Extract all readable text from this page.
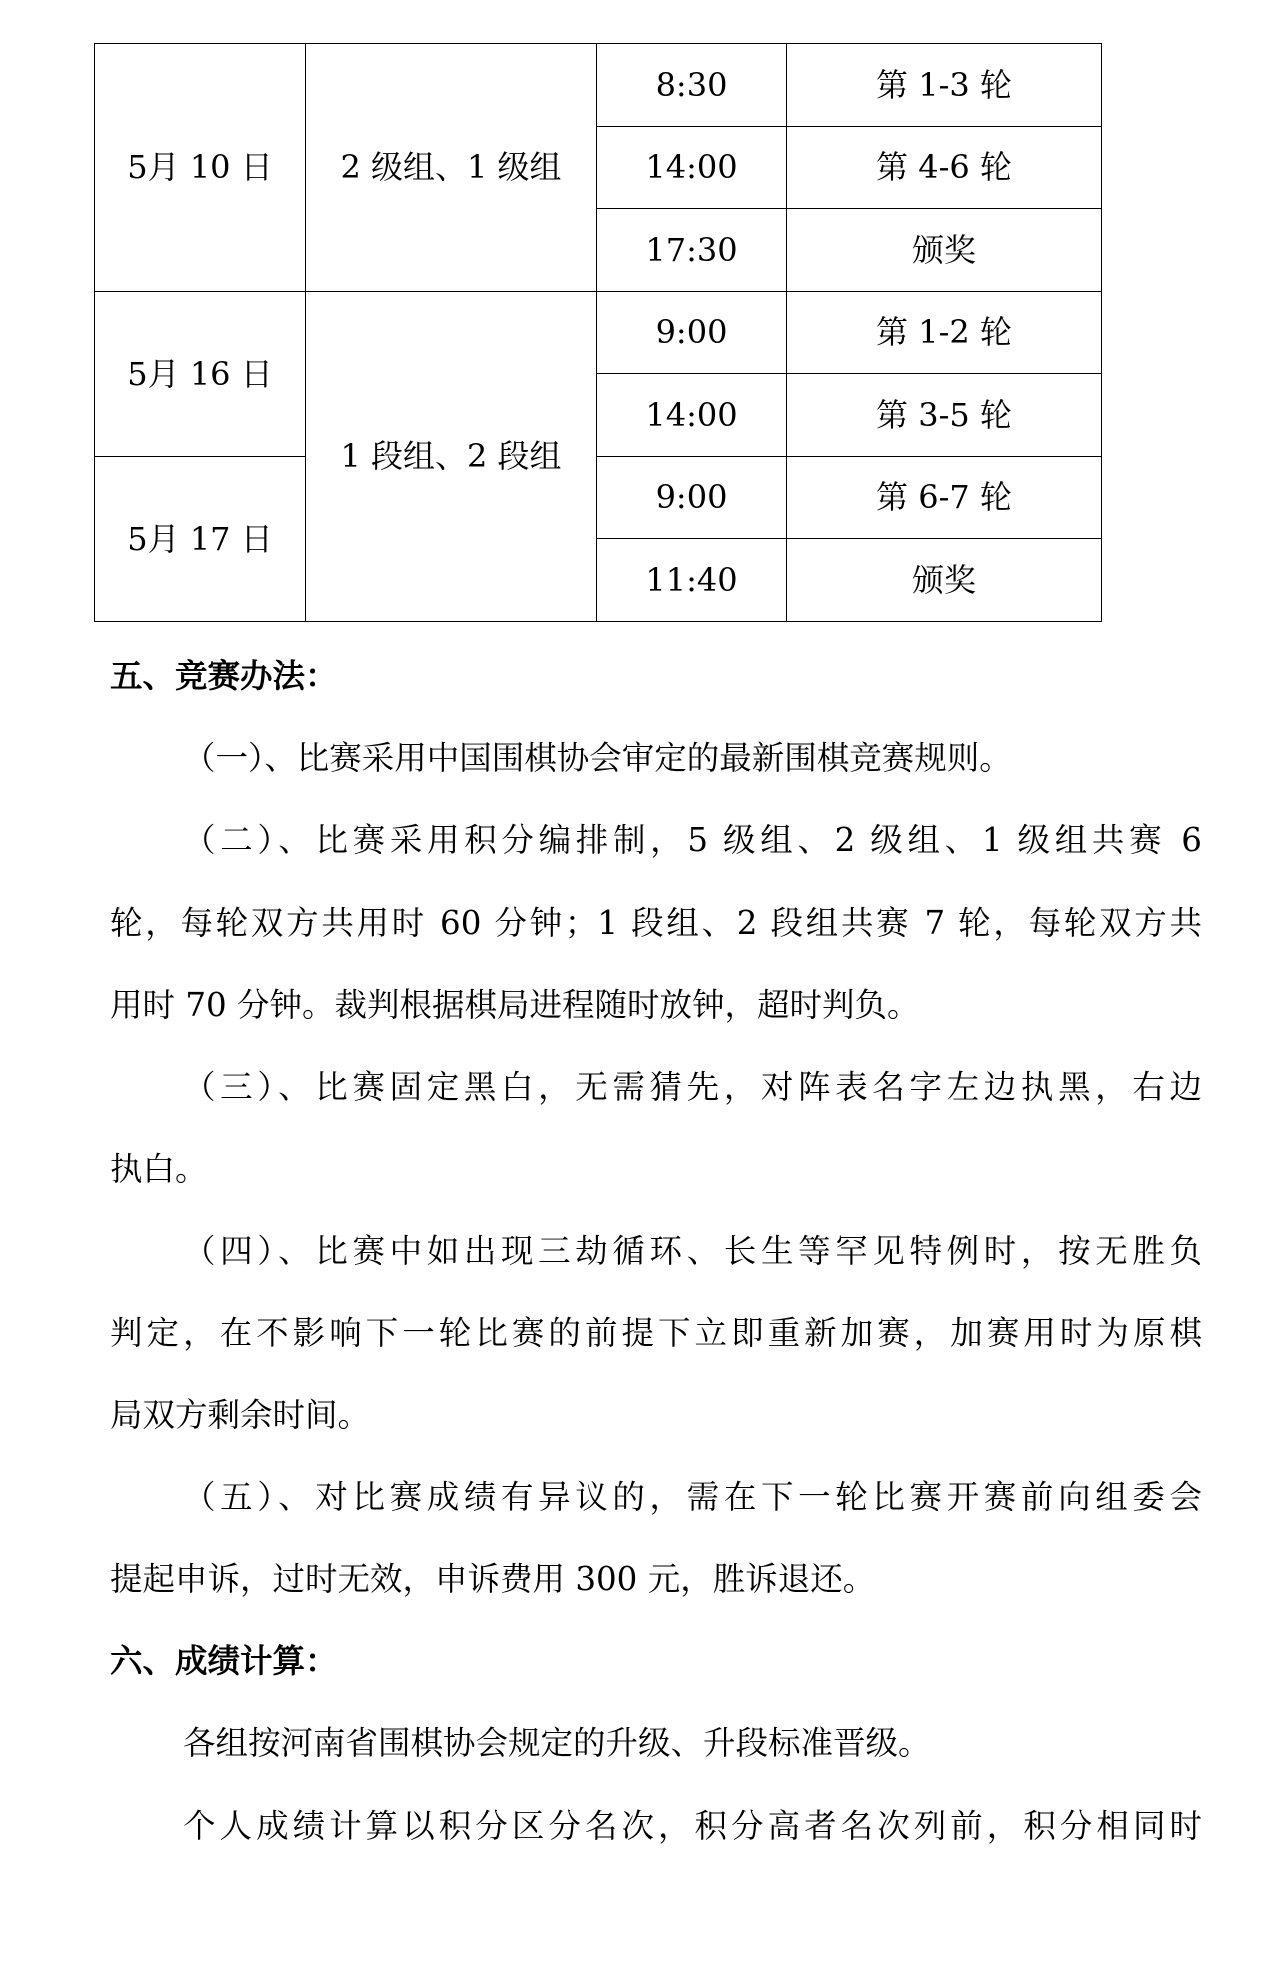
5月 10 日	2 级组、1 级组	8:30	第 1-3 轮
		14:00	第 4-6 轮
		17:30	颁奖
5月 16 日	1 段组、2 段组	9:00	第 1-2 轮
		14:00	第 3-5 轮
5月 17 日		9:00	第 6-7 轮
		11:40	颁奖

五、竞赛办法：

（一）、比赛采用中国围棋协会审定的最新围棋竞赛规则。

（二）、比赛采用积分编排制，5 级组、2 级组、1 级组共赛 6

轮，每轮双方共用时 60 分钟；1 段组、2 段组共赛 7 轮，每轮双方共

用时 70 分钟。裁判根据棋局进程随时放钟，超时判负。

（三）、比赛固定黑白，无需猜先，对阵表名字左边执黑，右边

执白。

（四）、比赛中如出现三劫循环、长生等罕见特例时，按无胜负

判定，在不影响下一轮比赛的前提下立即重新加赛，加赛用时为原棋

局双方剩余时间。

（五）、对比赛成绩有异议的，需在下一轮比赛开赛前向组委会

提起申诉，过时无效，申诉费用 300 元，胜诉退还。

六、成绩计算：

各组按河南省围棋协会规定的升级、升段标准晋级。

个人成绩计算以积分区分名次，积分高者名次列前，积分相同时
